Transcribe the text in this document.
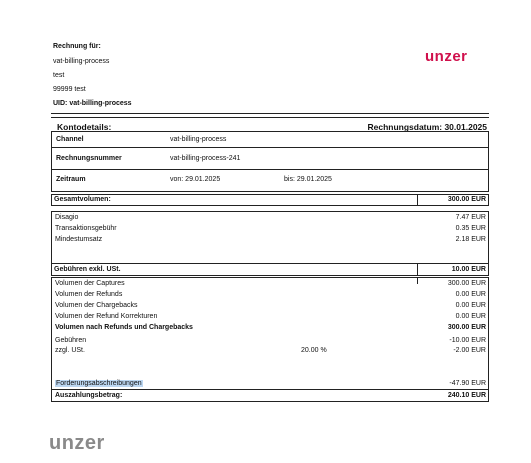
Rechnung für:
vat-billing-process
test
99999 test
UID: vat-billing-process
unzer
Kontodetails:	Rechnungsdatum: 30.01.2025
Channel	vat-billing-process
Rechnungsnummer	vat-billing-process-241
Zeitraum	von: 29.01.2025	bis: 29.01.2025
Gesamtvolumen:	300.00 EUR
Disagio	7.47 EUR
Transaktionsgebühr	0.35 EUR
Mindestumsatz	2.18 EUR
Gebühren exkl. USt.	10.00 EUR
Volumen der Captures	300.00 EUR
Volumen der Refunds	0.00 EUR
Volumen der Chargebacks	0.00 EUR
Volumen der Refund Korrekturen	0.00 EUR
Volumen nach Refunds und Chargebacks	300.00 EUR
Gebühren	-10.00 EUR
zzgl. USt.	20.00 %	-2.00 EUR
Forderungsabschreibungen	-47.90 EUR
Auszahlungsbetrag:	240.10 EUR
unzer
